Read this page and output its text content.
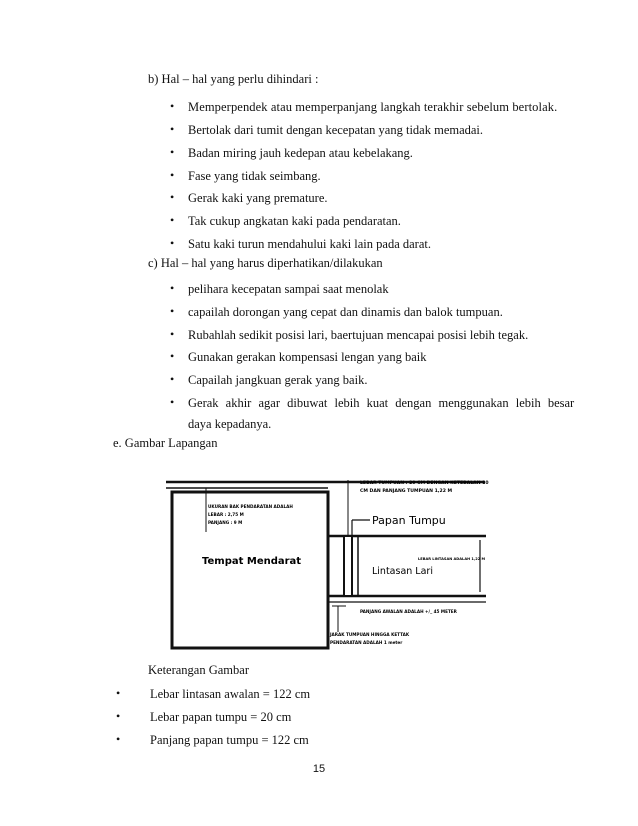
b) Hal – hal yang perlu dihindari :
• Memperpendek atau memperpanjang langkah terakhir sebelum bertolak.
• Bertolak dari tumit dengan kecepatan yang tidak memadai.
• Badan miring jauh kedepan atau kebelakang.
• Fase yang tidak seimbang.
• Gerak kaki yang premature.
• Tak cukup angkatan kaki pada pendaratan.
• Satu kaki turun mendahului kaki lain pada darat.
c) Hal – hal yang harus diperhatikan/dilakukan
• pelihara kecepatan sampai saat menolak
• capailah dorongan yang cepat dan dinamis dan balok tumpuan.
• Rubahlah sedikit posisi lari, baertujuan mencapai posisi lebih tegak.
• Gunakan gerakan kompensasi lengan yang baik
• Capailah jangkuan gerak yang baik.
• Gerak akhir agar dibuwat lebih kuat dengan menggunakan lebih besar
daya kepadanya.
e. Gambar Lapangan
LEBAR TUMPUAN : 20 CM DENGAN KETEBALAN 10
CM DAN PANJANG TUMPUAN 1,22 M
UKURAN BAK PENDARATAN ADALAH
LEBAR : 2,75 M
PANJANG : 9 M	Papan Tumpu
Tempat Mendarat
Lintasan Lari
LEBAR LINTASAN ADALAH 1,22 M
PANJANG AWALAN ADALAH +/_ 45 METER
JARAK TUMPUAN HINGGA KETTAK
PENDARATAN ADALAH 1 meter
Keterangan Gambar
• Lebar lintasan awalan = 122 cm
• Lebar papan tumpu = 20 cm
• Panjang papan tumpu = 122 cm
15
